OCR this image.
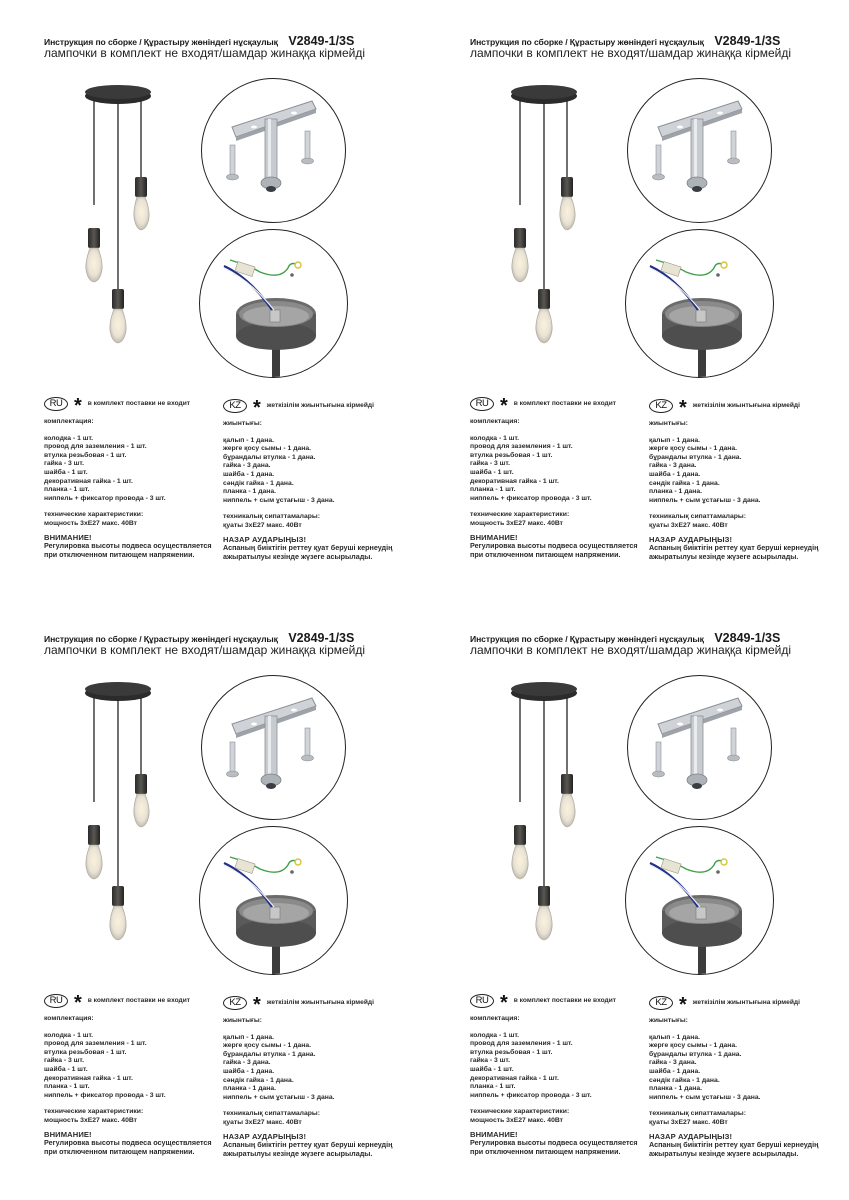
Инструкция по сборке / Құрастыру жөніндегі нұсқаулық V2849-1/3S
лампочки в комплект не входят/шамдар жинаққа кірмейді
RU * в комплект поставки не входит
комплектация:
колодка - 1 шт.
провод для заземления - 1 шт.
втулка резьбовая - 1 шт.
гайка - 3 шт.
шайба - 1 шт.
декоративная гайка - 1 шт.
планка - 1 шт.
ниппель + фиксатор провода - 3 шт.
технические характеристики:
мощность 3xE27 макс. 40Вт
ВНИМАНИЕ!
Регулировка высоты подвеса осуществляется
при отключенном питающем напряжении.
KZ * жеткізілім жиынтығына кірмейді
жиынтығы:
қалып - 1 дана.
жерге қосу сымы - 1 дана.
бұрандалы втулка - 1 дана.
гайка - 3 дана.
шайба - 1 дана.
сәндік гайка - 1 дана.
планка - 1 дана.
ниппель + сым ұстағыш - 3 дана.
техникалық сипаттамалары:
қуаты 3xE27 макс. 40Вт
НАЗАР АУДАРЫҢЫЗ!
Аспаның биіктігін реттеу қуат беруші кернеудің
ажыратылуы кезінде жүзеге асырылады.
Инструкция по сборке / Құрастыру жөніндегі нұсқаулық V2849-1/3S
лампочки в комплект не входят/шамдар жинаққа кірмейді
RU * в комплект поставки не входит
комплектация:
колодка - 1 шт.
провод для заземления - 1 шт.
втулка резьбовая - 1 шт.
гайка - 3 шт.
шайба - 1 шт.
декоративная гайка - 1 шт.
планка - 1 шт.
ниппель + фиксатор провода - 3 шт.
технические характеристики:
мощность 3xE27 макс. 40Вт
ВНИМАНИЕ!
Регулировка высоты подвеса осуществляется
при отключенном питающем напряжении.
KZ * жеткізілім жиынтығына кірмейді
жиынтығы:
қалып - 1 дана.
жерге қосу сымы - 1 дана.
бұрандалы втулка - 1 дана.
гайка - 3 дана.
шайба - 1 дана.
сәндік гайка - 1 дана.
планка - 1 дана.
ниппель + сым ұстағыш - 3 дана.
техникалық сипаттамалары:
қуаты 3xE27 макс. 40Вт
НАЗАР АУДАРЫҢЫЗ!
Аспаның биіктігін реттеу қуат беруші кернеудің
ажыратылуы кезінде жүзеге асырылады.
Инструкция по сборке / Құрастыру жөніндегі нұсқаулық V2849-1/3S
лампочки в комплект не входят/шамдар жинаққа кірмейді
RU * в комплект поставки не входит
комплектация:
колодка - 1 шт.
провод для заземления - 1 шт.
втулка резьбовая - 1 шт.
гайка - 3 шт.
шайба - 1 шт.
декоративная гайка - 1 шт.
планка - 1 шт.
ниппель + фиксатор провода - 3 шт.
технические характеристики:
мощность 3xE27 макс. 40Вт
ВНИМАНИЕ!
Регулировка высоты подвеса осуществляется
при отключенном питающем напряжении.
KZ * жеткізілім жиынтығына кірмейді
жиынтығы:
қалып - 1 дана.
жерге қосу сымы - 1 дана.
бұрандалы втулка - 1 дана.
гайка - 3 дана.
шайба - 1 дана.
сәндік гайка - 1 дана.
планка - 1 дана.
ниппель + сым ұстағыш - 3 дана.
техникалық сипаттамалары:
қуаты 3xE27 макс. 40Вт
НАЗАР АУДАРЫҢЫЗ!
Аспаның биіктігін реттеу қуат беруші кернеудің
ажыратылуы кезінде жүзеге асырылады.
Инструкция по сборке / Құрастыру жөніндегі нұсқаулық V2849-1/3S
лампочки в комплект не входят/шамдар жинаққа кірмейді
RU * в комплект поставки не входит
комплектация:
колодка - 1 шт.
провод для заземления - 1 шт.
втулка резьбовая - 1 шт.
гайка - 3 шт.
шайба - 1 шт.
декоративная гайка - 1 шт.
планка - 1 шт.
ниппель + фиксатор провода - 3 шт.
технические характеристики:
мощность 3xE27 макс. 40Вт
ВНИМАНИЕ!
Регулировка высоты подвеса осуществляется
при отключенном питающем напряжении.
KZ * жеткізілім жиынтығына кірмейді
жиынтығы:
қалып - 1 дана.
жерге қосу сымы - 1 дана.
бұрандалы втулка - 1 дана.
гайка - 3 дана.
шайба - 1 дана.
сәндік гайка - 1 дана.
планка - 1 дана.
ниппель + сым ұстағыш - 3 дана.
техникалық сипаттамалары:
қуаты 3xE27 макс. 40Вт
НАЗАР АУДАРЫҢЫЗ!
Аспаның биіктігін реттеу қуат беруші кернеудің
ажыратылуы кезінде жүзеге асырылады.
